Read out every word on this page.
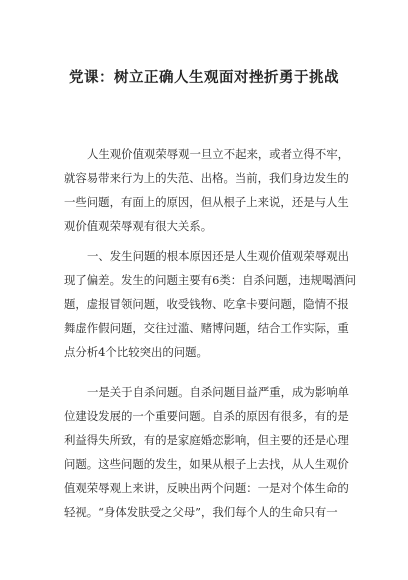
党课：树立正确人生观面对挫折勇于挑战

人生观价值观荣辱观一旦立不起来，或者立得不牢，

就容易带来行为上的失范、出格。当前，我们身边发生的

一些问题，有面上的原因，但从根子上来说，还是与人生

观价值观荣辱观有很大关系。

一、发生问题的根本原因还是人生观价值观荣辱观出

现了偏差。发生的问题主要有6类：自杀问题，违规喝酒问

题，虚报冒领问题，收受钱物、吃拿卡要问题，隐情不报

舞虚作假问题，交往过滥、赌博问题，结合工作实际，重

点分析4个比较突出的问题。

一是关于自杀问题。自杀问题目益严重，成为影响单

位建设发展的一个重要问题。自杀的原因有很多，有的是

利益得失所致，有的是家庭婚恋影响，但主要的还是心理

问题。这些问题的发生，如果从根子上去找，从人生观价

值观荣辱观上来讲，反映出两个问题：一是对个体生命的

轻视。“身体发肤受之父母”，我们每个人的生命只有一
